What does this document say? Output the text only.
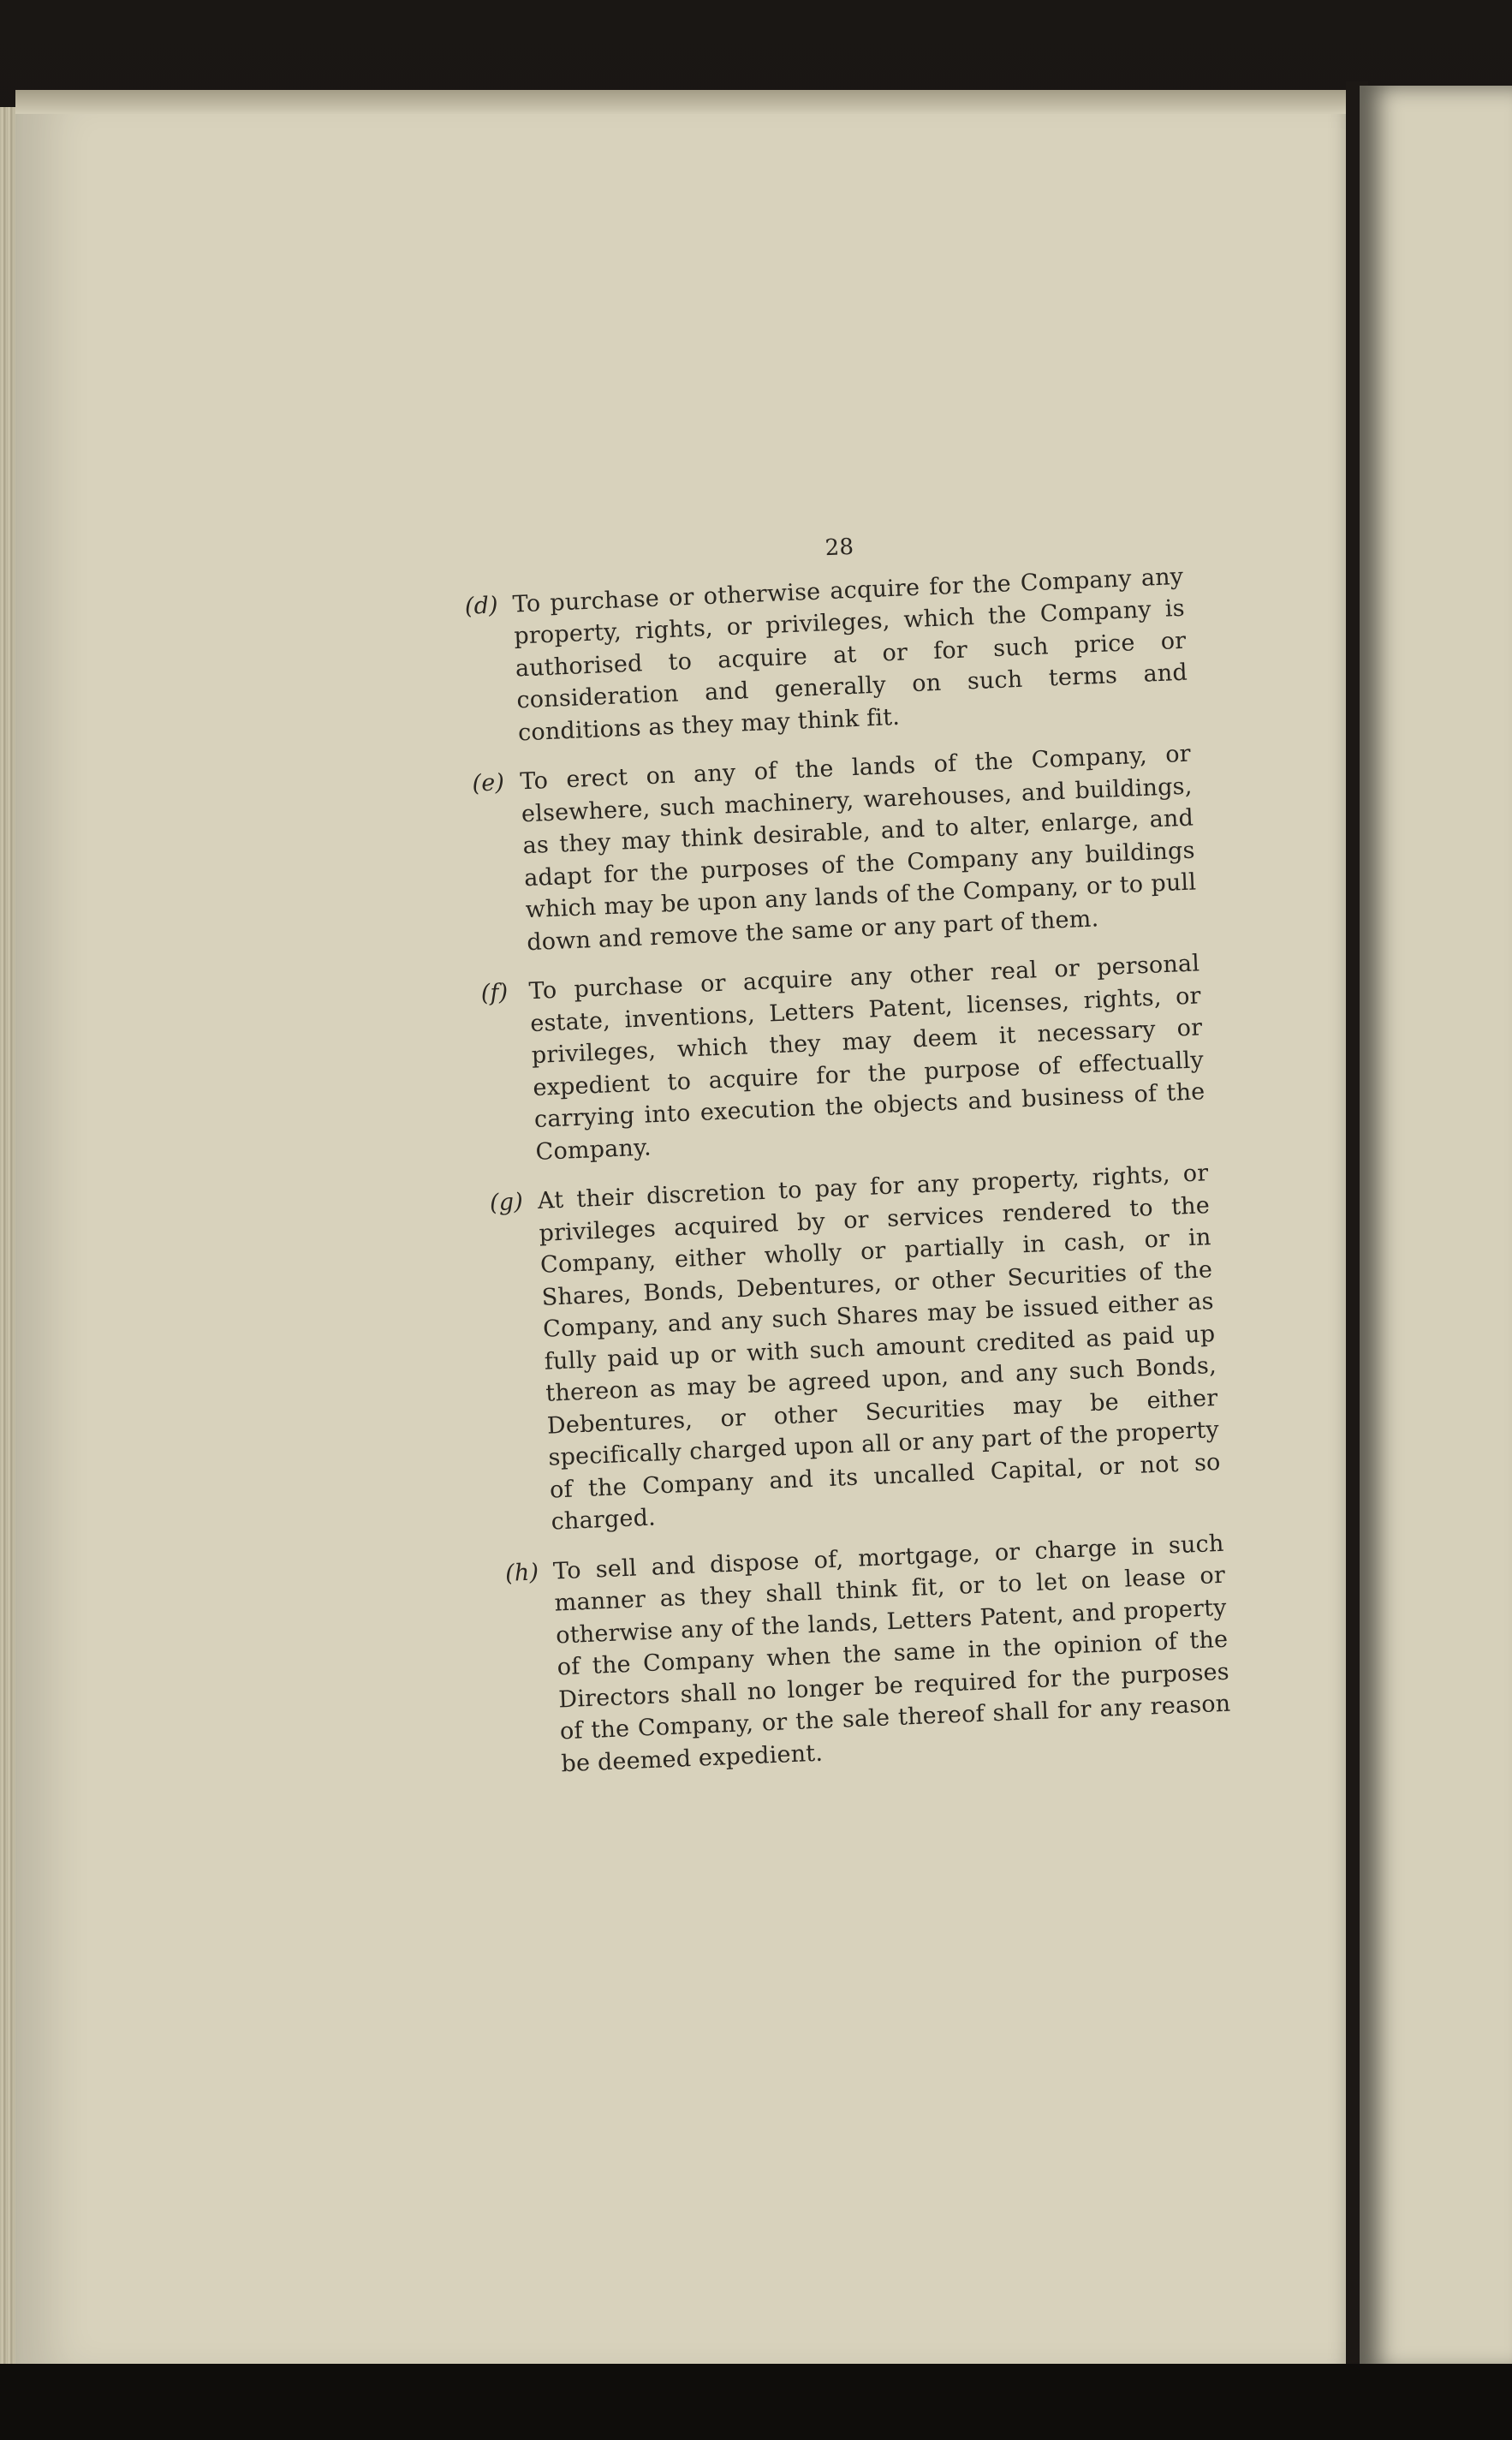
28
(d) To purchase or otherwise acquire for the Company any property, rights, or privileges, which the Company is authorised to acquire at or for such price or consideration and generally on such terms and conditions as they may think fit.
(e) To erect on any of the lands of the Company, or elsewhere, such machinery, warehouses, and buildings, as they may think desirable, and to alter, enlarge, and adapt for the purposes of the Company any buildings which may be upon any lands of the Company, or to pull down and remove the same or any part of them.
(f) To purchase or acquire any other real or personal estate, inventions, Letters Patent, licenses, rights, or privileges, which they may deem it necessary or expedient to acquire for the purpose of effectually carrying into execution the objects and business of the Company.
(g) At their discretion to pay for any property, rights, or privileges acquired by or services rendered to the Company, either wholly or partially in cash, or in Shares, Bonds, Debentures, or other Securities of the Company, and any such Shares may be issued either as fully paid up or with such amount credited as paid up thereon as may be agreed upon, and any such Bonds, Debentures, or other Securities may be either specifically charged upon all or any part of the property of the Company and its uncalled Capital, or not so charged.
(h) To sell and dispose of, mortgage, or charge in such manner as they shall think fit, or to let on lease or otherwise any of the lands, Letters Patent, and property of the Company when the same in the opinion of the Directors shall no longer be required for the purposes of the Company, or the sale thereof shall for any reason be deemed expedient.
